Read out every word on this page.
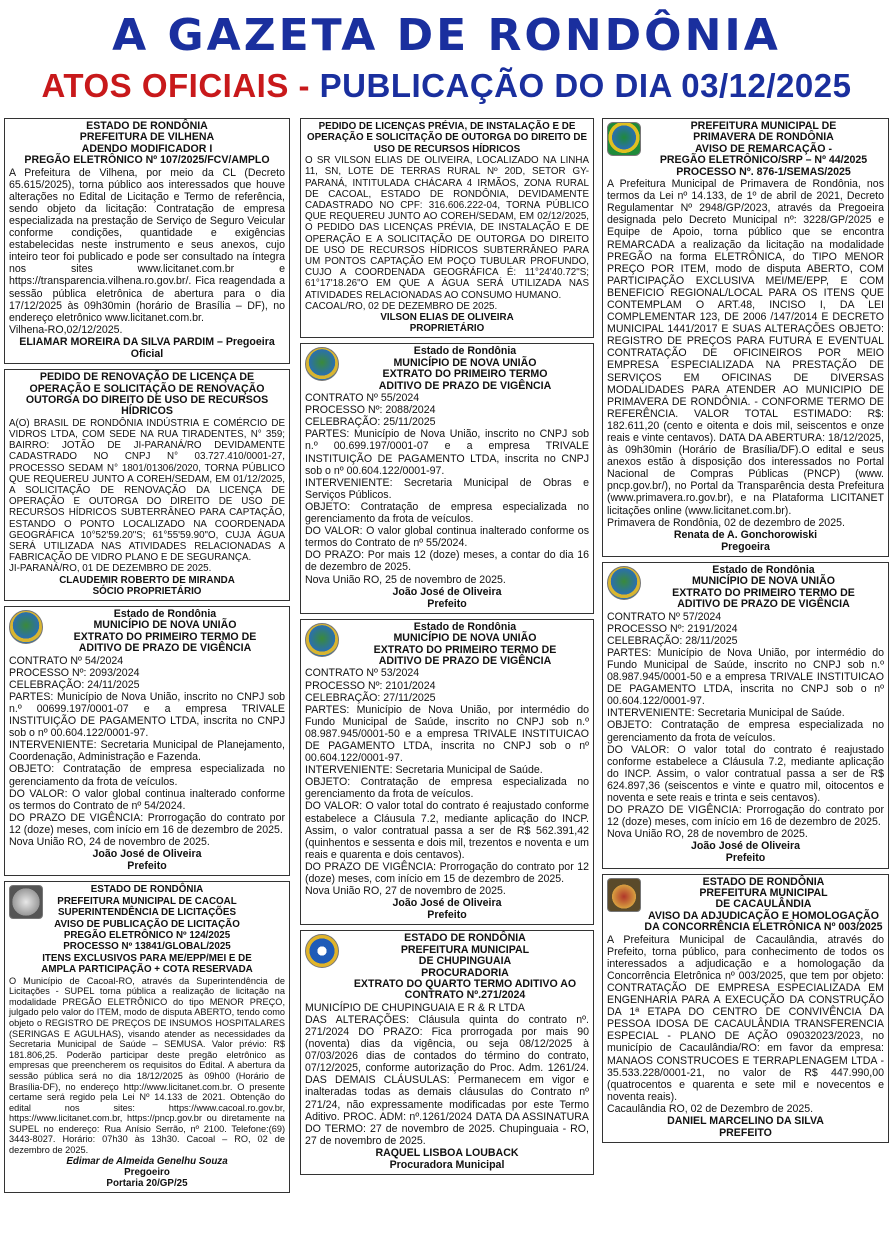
A GAZETA DE RONDÔNIA
ATOS OFICIAIS - PUBLICAÇÃO DO DIA 03/12/2025
ESTADO DE RONDÔNIA
PREFEITURA DE VILHENA
ADENDO MODIFICADOR I
PREGÃO ELETRÔNICO Nº 107/2025/FCV/AMPLO
A Prefeitura de Vilhena, por meio da CL (Decreto 65.615/2025), torna público aos interessados que houve alterações no Edital de Licitação e Termo de referência, sendo objeto da licitação: Contratação de empresa especializada na prestação de Serviço de Seguro Veicular conforme condições, quantidade e exigências estabelecidas neste instrumento e seus anexos, cujo inteiro teor foi publicado e pode ser consultado na íntegra nos sites www.licitanet.com.br e https://transparencia.vilhena.ro.gov.br/. Fica reagendada a sessão pública eletrônica de abertura para o dia 17/12/2025 às 09h30min (horário de Brasília – DF), no endereço eletrônico www.licitanet.com.br.
Vilhena-RO,02/12/2025.
ELIAMAR MOREIRA DA SILVA PARDIM – Pregoeira Oficial
PEDIDO DE RENOVAÇÃO DE LICENÇA DE OPERAÇÃO E SOLICITAÇÃO DE RENOVAÇÃO OUTORGA DO DIREITO DE USO DE RECURSOS HÍDRICOS
A(O) BRASIL DE RONDÔNIA INDÚSTRIA E COMÉRCIO DE VIDROS LTDA, COM SEDE NA RUA TIRADENTES, N° 359; BAIRRO: JOTÃO DE JI-PARANÁ/RO DEVIDAMENTE CADASTRADO NO CNPJ N° 03.727.410/0001-27, PROCESSO SEDAM N° 1801/01306/2020, TORNA PÚBLICO QUE REQUEREU JUNTO A COREH/SEDAM, EM 01/12/2025, A SOLICITAÇÃO DE RENOVAÇÃO DA LICENÇA DE OPERAÇÃO E OUTORGA DO DIREITO DE USO DE RECURSOS HÍDRICOS SUBTERRÂNEO PARA CAPTAÇÃO, ESTANDO O PONTO LOCALIZADO NA COORDENADA GEOGRÁFICA 10°52'59.20"S; 61°55'59.90"O, CUJA ÁGUA SERÁ UTILIZADA NAS ATIVIDADES RELACIONADAS A FABRICAÇÃO DE VIDRO PLANO E DE SEGURANÇA.
JI-PARANÁ/RO, 01 DE DEZEMBRO DE 2025.
CLAUDEMIR ROBERTO DE MIRANDA
SÓCIO PROPRIETÁRIO
Estado de Rondônia
MUNICÍPIO DE NOVA UNIÃO
EXTRATO DO PRIMEIRO TERMO DE
ADITIVO DE PRAZO DE VIGÊNCIA
CONTRATO Nº 54/2024
PROCESSO Nº: 2093/2024
CELEBRAÇÃO: 24/11/2025
PARTES: Município de Nova União, inscrito no CNPJ sob n.º 00699.197/0001-07 e a empresa TRIVALE INSTITUIÇÃO DE PAGAMENTO LTDA, inscrita no CNPJ sob o nº 00.604.122/0001-97.
INTERVENIENTE: Secretaria Municipal de Planejamento, Coordenação, Administração e Fazenda.
OBJETO: Contratação de empresa especializada no gerenciamento da frota de veículos.
DO VALOR: O valor global continua inalterado conforme os termos do Contrato de nº 54/2024.
DO PRAZO DE VIGÊNCIA: Prorrogação do contrato por 12 (doze) meses, com início em 16 de dezembro de 2025.
Nova União RO, 24 de novembro de 2025.
João José de Oliveira
Prefeito
ESTADO DE RONDÔNIA
PREFEITURA MUNICIPAL DE CACOAL
SUPERINTENDÊNCIA DE LICITAÇÕES
AVISO DE PUBLICAÇÃO DE LICITAÇÃO
PREGÃO ELETRÔNICO Nº 124/2025
PROCESSO Nº 13841/GLOBAL/2025
ITENS EXCLUSIVOS PARA ME/EPP/MEI E DE
AMPLA PARTICIPAÇÃO + COTA RESERVADA
O Município de Cacoal-RO, através da Superintendência de Licitações - SUPEL torna pública a realização de licitação na modalidade PREGÃO ELETRÔNICO do tipo MENOR PREÇO, julgado pelo valor do ITEM, modo de disputa ABERTO, tendo como objeto o REGISTRO DE PREÇOS DE INSUMOS HOSPITALARES (SERINGAS E AGULHAS), visando atender as necessidades da Secretaria Municipal de Saúde – SEMUSA. Valor prévio: R$ 181.806,25. Poderão participar deste pregão eletrônico as empresas que preencherem os requisitos do Edital. A abertura da sessão pública será no dia 18/12/2025 às 09h00 (Horário de Brasília-DF), no endereço http://www.licitanet.com.br. O presente certame será regido pela Lei Nº 14.133 de 2021. Obtenção do edital nos sites: https://www.cacoal.ro.gov.br, https://www.licitanet.com.br, https://pncp.gov.br ou diretamente na SUPEL no endereço: Rua Anísio Serrão, nº 2100. Telefone:(69) 3443-8027. Horário: 07h30 às 13h30. Cacoal – RO, 02 de dezembro de 2025.
Edimar de Almeida Genelhu Souza
Pregoeiro
Portaria 20/GP/25
PEDIDO DE LICENÇAS PRÉVIA, DE INSTALAÇÃO E DE OPERAÇÃO E SOLICITAÇÃO DE OUTORGA DO DIREITO DE USO DE RECURSOS HÍDRICOS
O SR VILSON ELIAS DE OLIVEIRA, LOCALIZADO NA LINHA 11, SN, LOTE DE TERRAS RURAL Nº 20D, SETOR GY-PARANÁ, INTITULADA CHÁCARA 4 IRMÃOS, ZONA RURAL DE CACOAL, ESTADO DE RONDÔNIA, DEVIDAMENTE CADASTRADO NO CPF: 316.606.222-04, TORNA PÚBLICO QUE REQUEREU JUNTO AO COREH/SEDAM, EM 02/12/2025, O PEDIDO DAS LICENÇAS PRÉVIA, DE INSTALAÇÃO E DE OPERAÇÃO E A SOLICITAÇÃO DE OUTORGA DO DIREITO DE USO DE RECURSOS HÍDRICOS SUBTERRÂNEO PARA UM PONTOS CAPTAÇÃO EM POÇO TUBULAR PROFUNDO, CUJO A COORDENADA GEOGRÁFICA É: 11°24'40.72"S; 61°17'18.26"O EM QUE A ÁGUA SERÁ UTILIZADA NAS ATIVIDADES RELACIONADAS AO CONSUMO HUMANO.
CACOAL/RO, 02 DE DEZEMBRO DE 2025.
VILSON ELIAS DE OLIVEIRA
PROPRIETÁRIO
Estado de Rondônia
MUNICÍPIO DE NOVA UNIÃO
EXTRATO DO PRIMEIRO TERMO
ADITIVO DE PRAZO DE VIGÊNCIA
CONTRATO Nº 55/2024
PROCESSO Nº: 2088/2024
CELEBRAÇÃO: 25/11/2025
PARTES: Município de Nova União, inscrito no CNPJ sob n.º 00.699.197/0001-07 e a empresa TRIVALE INSTITUIÇÃO DE PAGAMENTO LTDA, inscrita no CNPJ sob o nº 00.604.122/0001-97.
INTERVENIENTE: Secretaria Municipal de Obras e Serviços Públicos.
OBJETO: Contratação de empresa especializada no gerenciamento da frota de veículos.
DO VALOR: O valor global continua inalterado conforme os termos do Contrato de nº 55/2024.
DO PRAZO: Por mais 12 (doze) meses, a contar do dia 16 de dezembro de 2025.
Nova União RO, 25 de novembro de 2025.
João José de Oliveira
Prefeito
Estado de Rondônia
MUNICÍPIO DE NOVA UNIÃO
EXTRATO DO PRIMEIRO TERMO DE
ADITIVO DE PRAZO DE VIGÊNCIA
CONTRATO Nº 53/2024
PROCESSO Nº: 2101/2024
CELEBRAÇÃO: 27/11/2025
PARTES: Município de Nova União, por intermédio do Fundo Municipal de Saúde, inscrito no CNPJ sob n.º 08.987.945/0001-50 e a empresa TRIVALE INSTITUICAO DE PAGAMENTO LTDA, inscrita no CNPJ sob o nº 00.604.122/0001-97.
INTERVENIENTE: Secretaria Municipal de Saúde.
OBJETO: Contratação de empresa especializada no gerenciamento da frota de veículos.
DO VALOR: O valor total do contrato é reajustado conforme estabelece a Cláusula 7.2, mediante aplicação do INCP. Assim, o valor contratual passa a ser de R$ 562.391,42 (quinhentos e sessenta e dois mil, trezentos e noventa e um reais e quarenta e dois centavos).
DO PRAZO DE VIGÊNCIA: Prorrogação do contrato por 12 (doze) meses, com início em 15 de dezembro de 2025.
Nova União RO, 27 de novembro de 2025.
João José de Oliveira
Prefeito
ESTADO DE RONDÔNIA
PREFEITURA MUNICIPAL
DE CHUPINGUAIA
PROCURADORIA
EXTRATO DO QUARTO TERMO ADITIVO AO CONTRATO Nº.271/2024
MUNICÍPIO DE CHUPINGUAIA E R & R LTDA
DAS ALTERAÇÕES: Cláusula quinta do contrato nº. 271/2024 DO PRAZO: Fica prorrogada por mais 90 (noventa) dias da vigência, ou seja 08/12/2025 à 07/03/2026 dias de contados do término do contrato, 07/12/2025, conforme autorização do Proc. Adm. 1261/24. DAS DEMAIS CLÁUSULAS: Permanecem em vigor e inalteradas todas as demais cláusulas do Contrato nº 271/24, não expressamente modificadas por este Termo Aditivo. PROC. ADM: nº.1261/2024 DATA DA ASSINATURA DO TERMO: 27 de novembro de 2025. Chupinguaia - RO, 27 de novembro de 2025.
RAQUEL LISBOA LOUBACK
Procuradora Municipal
PREFEITURA MUNICIPAL DE
PRIMAVERA DE RONDÔNIA
AVISO DE REMARCAÇÃO -
PREGÃO ELETRÔNICO/SRP – Nº 44/2025
PROCESSO Nº. 876-1/SEMAS/2025
A Prefeitura Municipal de Primavera de Rondônia, nos termos da Lei nº 14.133, de 1º de abril de 2021, Decreto Regulamentar Nº 2948/GP/2023, através da Pregoeira designada pelo Decreto Municipal nº: 3228/GP/2025 e Equipe de Apoio, torna público que se encontra REMARCADA a realização da licitação na modalidade PREGÃO na forma ELETRÔNICA, do TIPO MENOR PREÇO POR ITEM, modo de disputa ABERTO, COM PARTICIPAÇÃO EXCLUSIVA MEI/ME/EPP, E COM BENEFICIO REGIONAL/LOCAL PARA OS ITENS QUE CONTEMPLAM O ART.48, INCISO I, DA LEI COMPLEMENTAR 123, DE 2006 /147/2014 E DECRETO MUNICIPAL 1441/2017 E SUAS ALTERAÇÕES OBJETO: REGISTRO DE PREÇOS PARA FUTURA E EVENTUAL CONTRATAÇÃO DE OFICINEIROS POR MEIO EMPRESA ESPECIALIZADA NA PRESTAÇÃO DE SERVIÇOS EM OFICINAS DE DIVERSAS MODALIDADES PARA ATENDER AO MUNICIPIO DE PRIMAVERA DE RONDÔNIA. - CONFORME TERMO DE REFERÊNCIA. VALOR TOTAL ESTIMADO: R$: 182.611,20 (cento e oitenta e dois mil, seiscentos e onze reais e vinte centavos). DATA DA ABERTURA: 18/12/2025, às 09h30min (Horário de Brasília/DF).O edital e seus anexos estão à disposição dos interessados no Portal Nacional de Compras Públicas (PNCP) (www. pncp.gov.br/), no Portal da Transparência desta Prefeitura (www.primavera.ro.gov.br), e na Plataforma LICITANET licitações online (www.licitanet.com.br).
Primavera de Rondônia, 02 de dezembro de 2025.
Renata de A. Gonchorowiski
Pregoeira
Estado de Rondônia
MUNICÍPIO DE NOVA UNIÃO
EXTRATO DO PRIMEIRO TERMO DE
ADITIVO DE PRAZO DE VIGÊNCIA
CONTRATO Nº 57/2024
PROCESSO Nº: 2191/2024
CELEBRAÇÃO: 28/11/2025
PARTES: Município de Nova União, por intermédio do Fundo Municipal de Saúde, inscrito no CNPJ sob n.º 08.987.945/0001-50 e a empresa TRIVALE INSTITUICAO DE PAGAMENTO LTDA, inscrita no CNPJ sob o nº 00.604.122/0001-97.
INTERVENIENTE: Secretaria Municipal de Saúde.
OBJETO: Contratação de empresa especializada no gerenciamento da frota de veículos.
DO VALOR: O valor total do contrato é reajustado conforme estabelece a Cláusula 7.2, mediante aplicação do INCP. Assim, o valor contratual passa a ser de R$ 624.897,36 (seiscentos e vinte e quatro mil, oitocentos e noventa e sete reais e trinta e seis centavos).
DO PRAZO DE VIGÊNCIA: Prorrogação do contrato por 12 (doze) meses, com início em 16 de dezembro de 2025.
Nova União RO, 28 de novembro de 2025.
João José de Oliveira
Prefeito
ESTADO DE RONDÔNIA
PREFEITURA MUNICIPAL
DE CACAULÂNDIA
AVISO DA ADJUDICAÇÃO E HOMOLOGAÇÃO DA CONCORRÊNCIA ELETRÔNICA Nº 003/2025
A Prefeitura Municipal de Cacaulândia, através do Prefeito, torna público, para conhecimento de todos os interessados a adjudicação e a homologação da Concorrência Eletrônica nº 003/2025, que tem por objeto: CONTRATAÇÃO DE EMPRESA ESPECIALIZADA EM ENGENHARIA PARA A EXECUÇÃO DA CONSTRUÇÃO DA 1ª ETAPA DO CENTRO DE CONVIVÊNCIA DA PESSOA IDOSA DE CACAULÂNDIA TRANSFERENCIA ESPECIAL - PLANO DE AÇÃO 09032023/2023, no município de Cacaulândia/RO: em favor da empresa: MANAOS CONSTRUCOES E TERRAPLENAGEM LTDA - 35.533.228/0001-21, no valor de R$ 447.990,00 (quatrocentos e quarenta e sete mil e novecentos e noventa reais).
Cacaulândia RO, 02 de Dezembro de 2025.
DANIEL MARCELINO DA SILVA
PREFEITO
